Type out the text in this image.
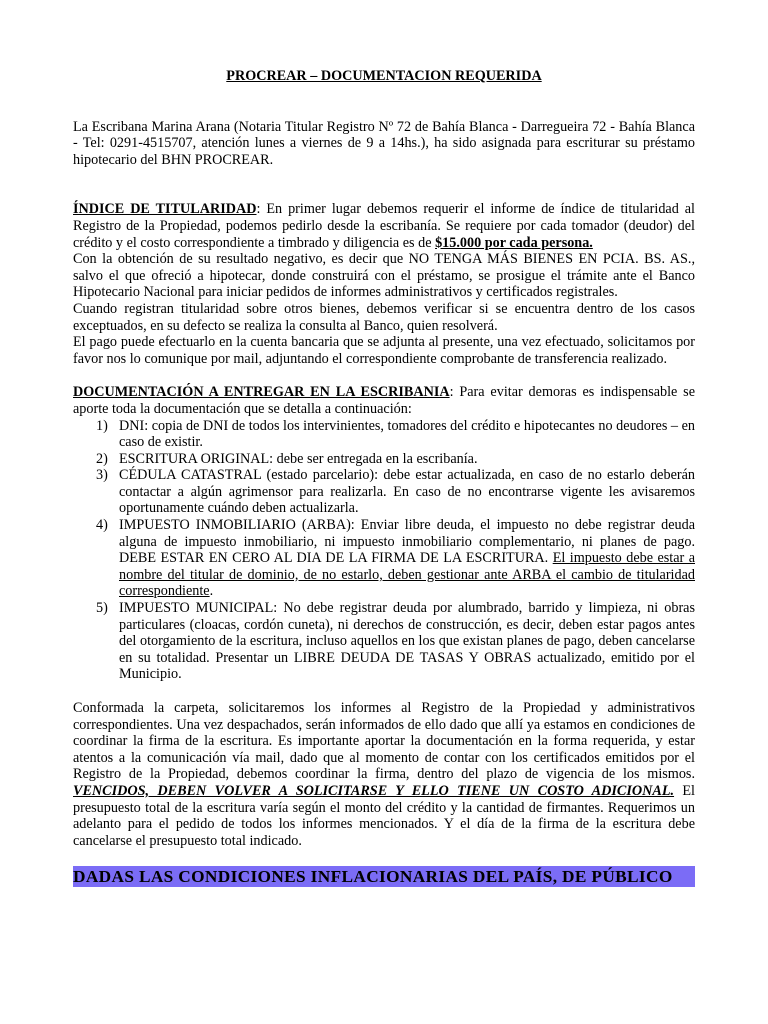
PROCREAR – DOCUMENTACION REQUERIDA

La Escribana Marina Arana (Notaria Titular Registro Nº 72 de Bahía Blanca - Darregueira 72 - Bahía Blanca - Tel: 0291-4515707, atención lunes a viernes de 9 a 14hs.), ha sido asignada para escriturar su préstamo hipotecario del BHN PROCREAR.

ÍNDICE DE TITULARIDAD: En primer lugar debemos requerir el informe de índice de titularidad al Registro de la Propiedad, podemos pedirlo desde la escribanía. Se requiere por cada tomador (deudor) del crédito y el costo correspondiente a timbrado y diligencia es de $15.000 por cada persona.

Con la obtención de su resultado negativo, es decir que NO TENGA MÁS BIENES EN PCIA. BS. AS., salvo el que ofreció a hipotecar, donde construirá con el préstamo, se prosigue el trámite ante el Banco Hipotecario Nacional para iniciar pedidos de informes administrativos y certificados registrales.

Cuando registran titularidad sobre otros bienes, debemos verificar si se encuentra dentro de los casos exceptuados, en su defecto se realiza la consulta al Banco, quien resolverá.

El pago puede efectuarlo en la cuenta bancaria que se adjunta al presente, una vez efectuado, solicitamos por favor nos lo comunique por mail, adjuntando el correspondiente comprobante de transferencia realizado.

DOCUMENTACIÓN A ENTREGAR EN LA ESCRIBANIA: Para evitar demoras es indispensable se aporte toda la documentación que se detalla a continuación:

1) DNI: copia de DNI de todos los intervinientes, tomadores del crédito e hipotecantes no deudores – en caso de existir.
2) ESCRITURA ORIGINAL: debe ser entregada en la escribanía.
3) CÉDULA CATASTRAL (estado parcelario): debe estar actualizada, en caso de no estarlo deberán contactar a algún agrimensor para realizarla. En caso de no encontrarse vigente les avisaremos oportunamente cuándo deben actualizarla.
4) IMPUESTO INMOBILIARIO (ARBA): Enviar libre deuda, el impuesto no debe registrar deuda alguna de impuesto inmobiliario, ni impuesto inmobiliario complementario, ni planes de pago. DEBE ESTAR EN CERO AL DIA DE LA FIRMA DE LA ESCRITURA. El impuesto debe estar a nombre del titular de dominio, de no estarlo, deben gestionar ante ARBA el cambio de titularidad correspondiente.
5) IMPUESTO MUNICIPAL: No debe registrar deuda por alumbrado, barrido y limpieza, ni obras particulares (cloacas, cordón cuneta), ni derechos de construcción, es decir, deben estar pagos antes del otorgamiento de la escritura, incluso aquellos en los que existan planes de pago, deben cancelarse en su totalidad. Presentar un LIBRE DEUDA DE TASAS Y OBRAS actualizado, emitido por el Municipio.

Conformada la carpeta, solicitaremos los informes al Registro de la Propiedad y administrativos correspondientes. Una vez despachados, serán informados de ello dado que allí ya estamos en condiciones de coordinar la firma de la escritura. Es importante aportar la documentación en la forma requerida, y estar atentos a la comunicación vía mail, dado que al momento de contar con los certificados emitidos por el Registro de la Propiedad, debemos coordinar la firma, dentro del plazo de vigencia de los mismos. VENCIDOS, DEBEN VOLVER A SOLICITARSE Y ELLO TIENE UN COSTO ADICIONAL. El presupuesto total de la escritura varía según el monto del crédito y la cantidad de firmantes. Requerimos un adelanto para el pedido de todos los informes mencionados. Y el día de la firma de la escritura debe cancelarse el presupuesto total indicado.

DADAS LAS CONDICIONES INFLACIONARIAS DEL PAÍS, DE PÚBLICO
